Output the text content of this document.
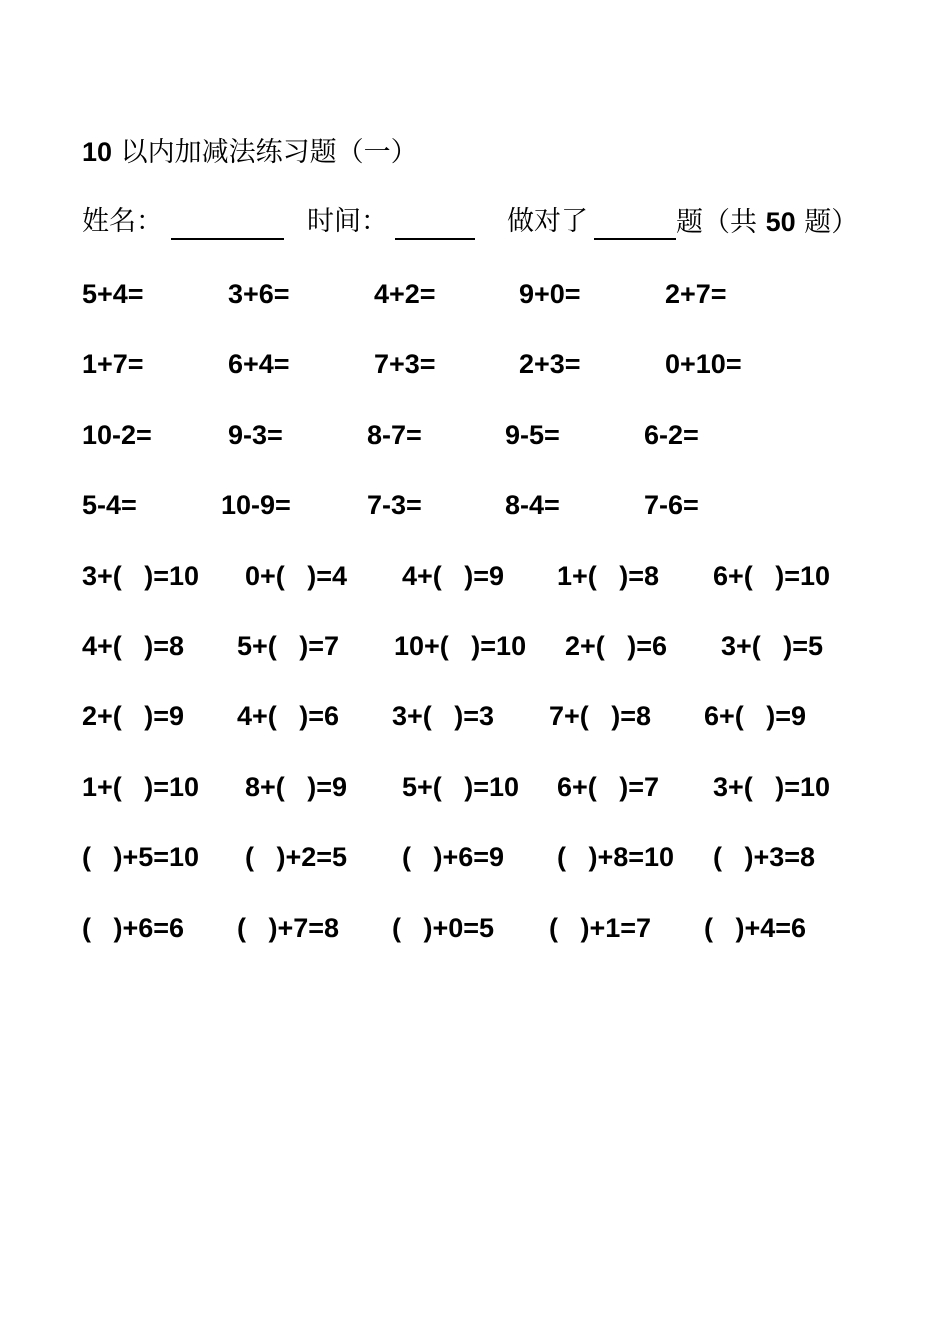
10 以内加减法练习题（一）
姓名：	时间：	做对了	题（共 50 题）
5+4=	3+6=	4+2=	9+0=	2+7=
1+7=	6+4=	7+3=	2+3=	0+10=
10-2=	9-3=	8-7=	9-5=	6-2=
5-4=	10-9=	7-3=	8-4=	7-6=
3+(   )=10 0+(   )=4 4+(   )=9 1+(   )=8 6+(   )=10
4+(   )=8 5+(   )=7 10+(   )=10 2+(   )=6 3+(   )=5
2+(   )=9 4+(   )=6 3+(   )=3 7+(   )=8 6+(   )=9
1+(   )=10 8+(   )=9 5+(   )=10 6+(   )=7 3+(   )=10
(   )+5=10 (   )+2=5 (   )+6=9 (   )+8=10 (   )+3=8
(   )+6=6 (   )+7=8 (   )+0=5 (   )+1=7 (   )+4=6
